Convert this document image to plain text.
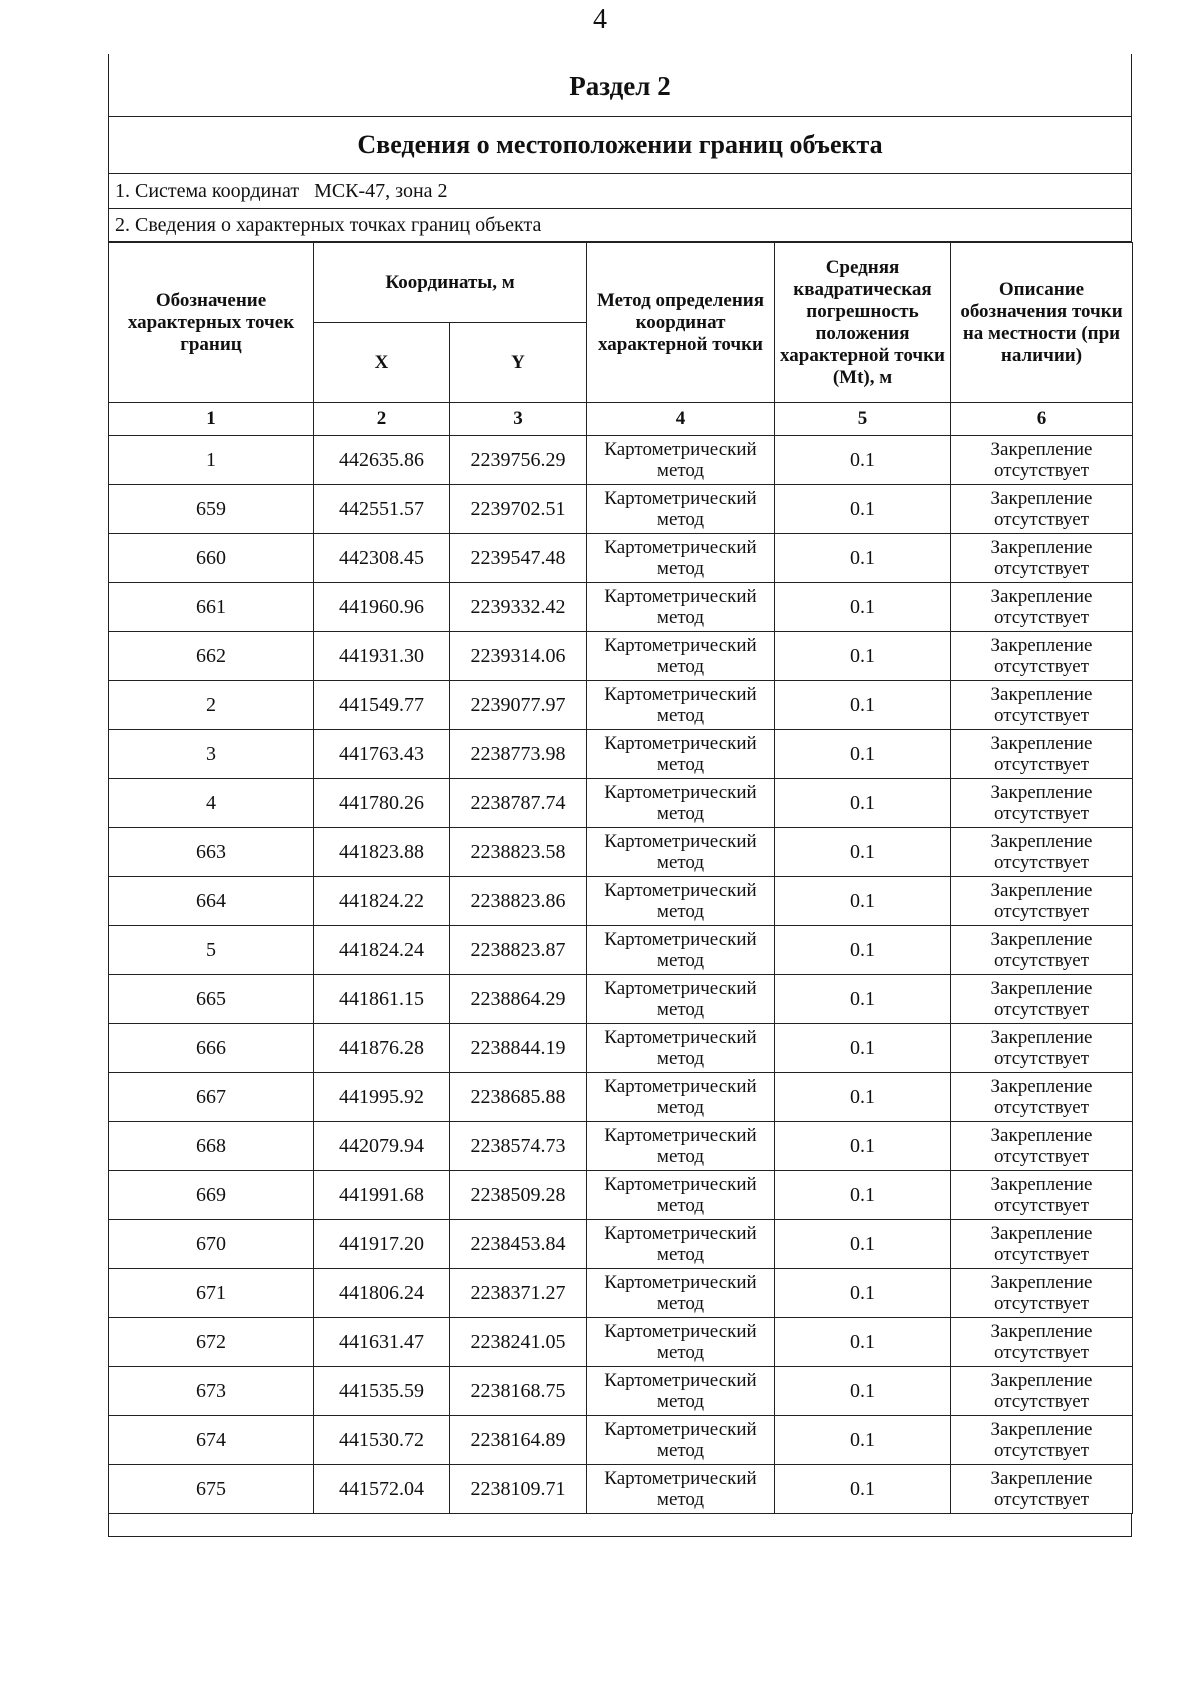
4
Раздел 2
Сведения о местоположении границ объекта
1. Система координат МСК-47, зона 2
2. Сведения о характерных точках границ объекта
Обозначение характерных точек границ	Координаты, м		Метод определения координат характерной точки	Средняя квадратическая погрешность положения характерной точки (Mt), м	Описание обозначения точки на местности (при наличии)
	X	Y			
1	2	3	4	5	6
1	442635.86	2239756.29	Картометрический метод	0.1	Закрепление отсутствует
659	442551.57	2239702.51	Картометрический метод	0.1	Закрепление отсутствует
660	442308.45	2239547.48	Картометрический метод	0.1	Закрепление отсутствует
661	441960.96	2239332.42	Картометрический метод	0.1	Закрепление отсутствует
662	441931.30	2239314.06	Картометрический метод	0.1	Закрепление отсутствует
2	441549.77	2239077.97	Картометрический метод	0.1	Закрепление отсутствует
3	441763.43	2238773.98	Картометрический метод	0.1	Закрепление отсутствует
4	441780.26	2238787.74	Картометрический метод	0.1	Закрепление отсутствует
663	441823.88	2238823.58	Картометрический метод	0.1	Закрепление отсутствует
664	441824.22	2238823.86	Картометрический метод	0.1	Закрепление отсутствует
5	441824.24	2238823.87	Картометрический метод	0.1	Закрепление отсутствует
665	441861.15	2238864.29	Картометрический метод	0.1	Закрепление отсутствует
666	441876.28	2238844.19	Картометрический метод	0.1	Закрепление отсутствует
667	441995.92	2238685.88	Картометрический метод	0.1	Закрепление отсутствует
668	442079.94	2238574.73	Картометрический метод	0.1	Закрепление отсутствует
669	441991.68	2238509.28	Картометрический метод	0.1	Закрепление отсутствует
670	441917.20	2238453.84	Картометрический метод	0.1	Закрепление отсутствует
671	441806.24	2238371.27	Картометрический метод	0.1	Закрепление отсутствует
672	441631.47	2238241.05	Картометрический метод	0.1	Закрепление отсутствует
673	441535.59	2238168.75	Картометрический метод	0.1	Закрепление отсутствует
674	441530.72	2238164.89	Картометрический метод	0.1	Закрепление отсутствует
675	441572.04	2238109.71	Картометрический метод	0.1	Закрепление отсутствует
